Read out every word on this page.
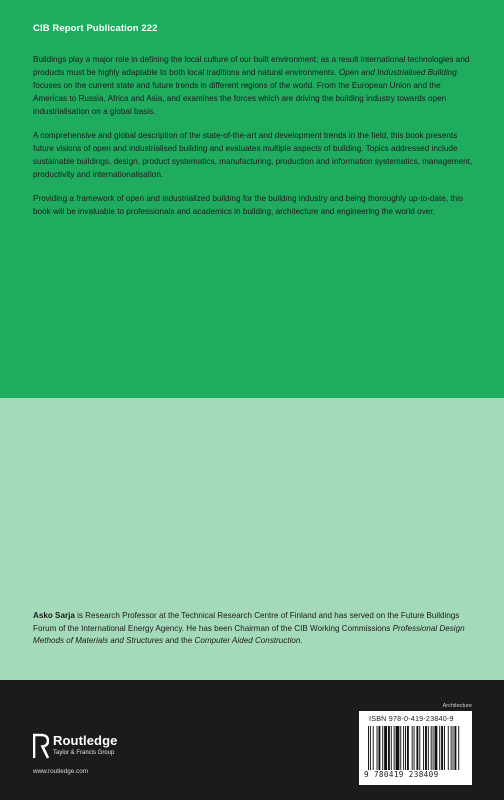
CIB Report Publication 222

Buildings play a major role in defining the local culture of our built environment; as a result international technologies and products must be highly adaptable to both local traditions and natural environments. Open and Industrialised Building focuses on the current state and future trends in different regions of the world. From the European Union and the Americas to Russia, Africa and Asia, and examines the forces which are driving the building industry towards open industrialisation on a global basis.

A comprehensive and global description of the state-of-the-art and development trends in the field, this book presents future visions of open and industrialised building and evaluates multiple aspects of building. Topics addressed include sustainable buildings, design, product systematics, manufacturing, production and information systematics, management, productivity and internationalisation.

Providing a framework of open and industrialized building for the building industry and being thoroughly up-to-date, this book will be invaluable to professionals and academics in building, architecture and engineering the world over.

Asko Sarja is Research Professor at the Technical Research Centre of Finland and has served on the Future Buildings Forum of the International Energy Agency. He has been Chairman of the CIB Working Commissions Professional Design Methods of Materials and Structures and the Computer Aided Construction.

Routledge
Taylor & Francis Group
www.routledge.com
Architecture
ISBN 978-0-419-23840-9
9 780419 238409
